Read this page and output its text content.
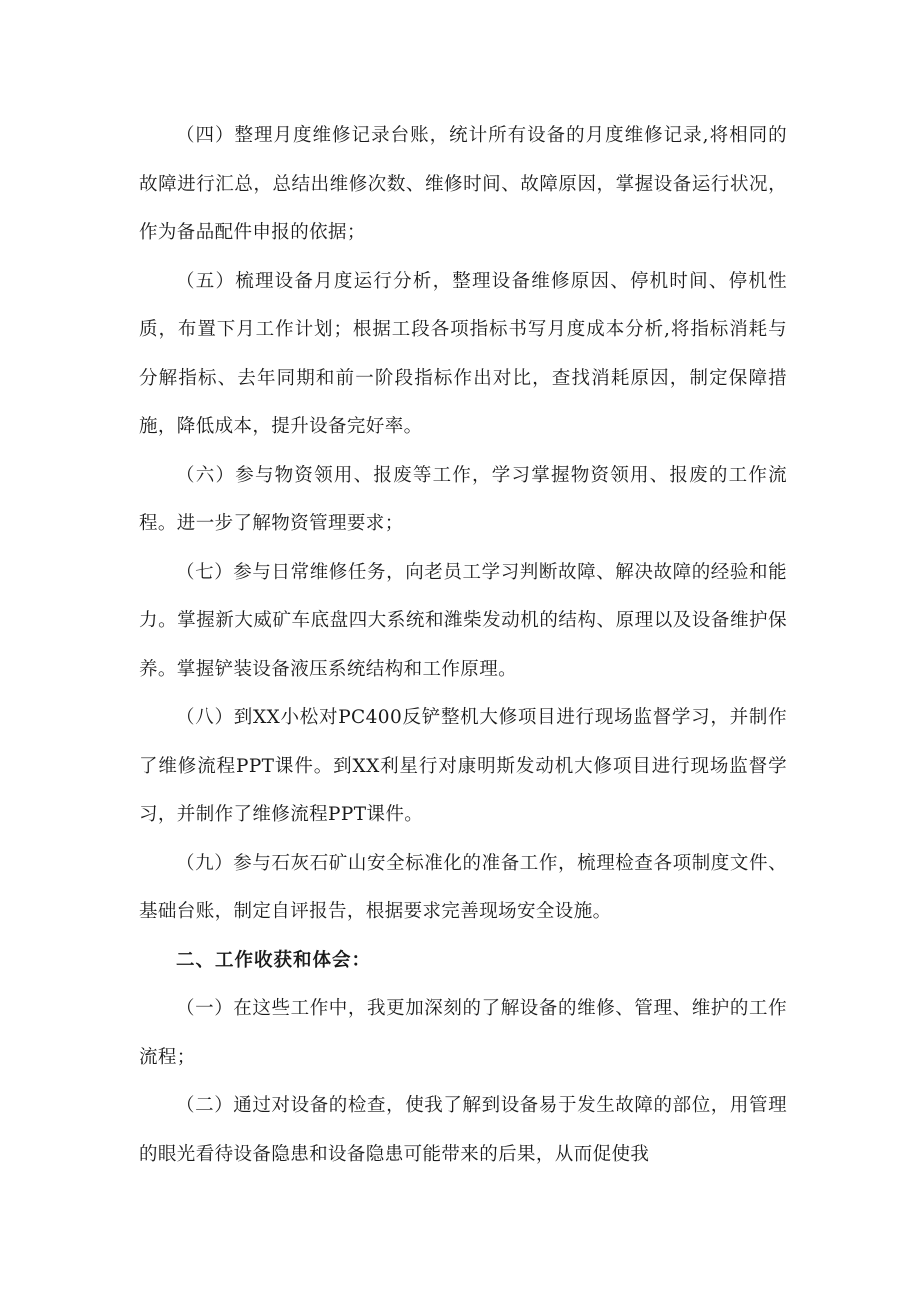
（四）整理月度维修记录台账，统计所有设备的月度维修记录,将相同的故障进行汇总，总结出维修次数、维修时间、故障原因，掌握设备运行状况，作为备品配件申报的依据；

（五）梳理设备月度运行分析，整理设备维修原因、停机时间、停机性质，布置下月工作计划；根据工段各项指标书写月度成本分析,将指标消耗与分解指标、去年同期和前一阶段指标作出对比，查找消耗原因，制定保障措施，降低成本，提升设备完好率。

（六）参与物资领用、报废等工作，学习掌握物资领用、报废的工作流程。进一步了解物资管理要求；

（七）参与日常维修任务，向老员工学习判断故障、解决故障的经验和能力。掌握新大威矿车底盘四大系统和潍柴发动机的结构、原理以及设备维护保养。掌握铲装设备液压系统结构和工作原理。

（八）到XX小松对PC400反铲整机大修项目进行现场监督学习，并制作了维修流程PPT课件。到XX利星行对康明斯发动机大修项目进行现场监督学习，并制作了维修流程PPT课件。

（九）参与石灰石矿山安全标准化的准备工作，梳理检查各项制度文件、基础台账，制定自评报告，根据要求完善现场安全设施。

二、工作收获和体会：

（一）在这些工作中，我更加深刻的了解设备的维修、管理、维护的工作流程；

（二）通过对设备的检查，使我了解到设备易于发生故障的部位，用管理的眼光看待设备隐患和设备隐患可能带来的后果，从而促使我
